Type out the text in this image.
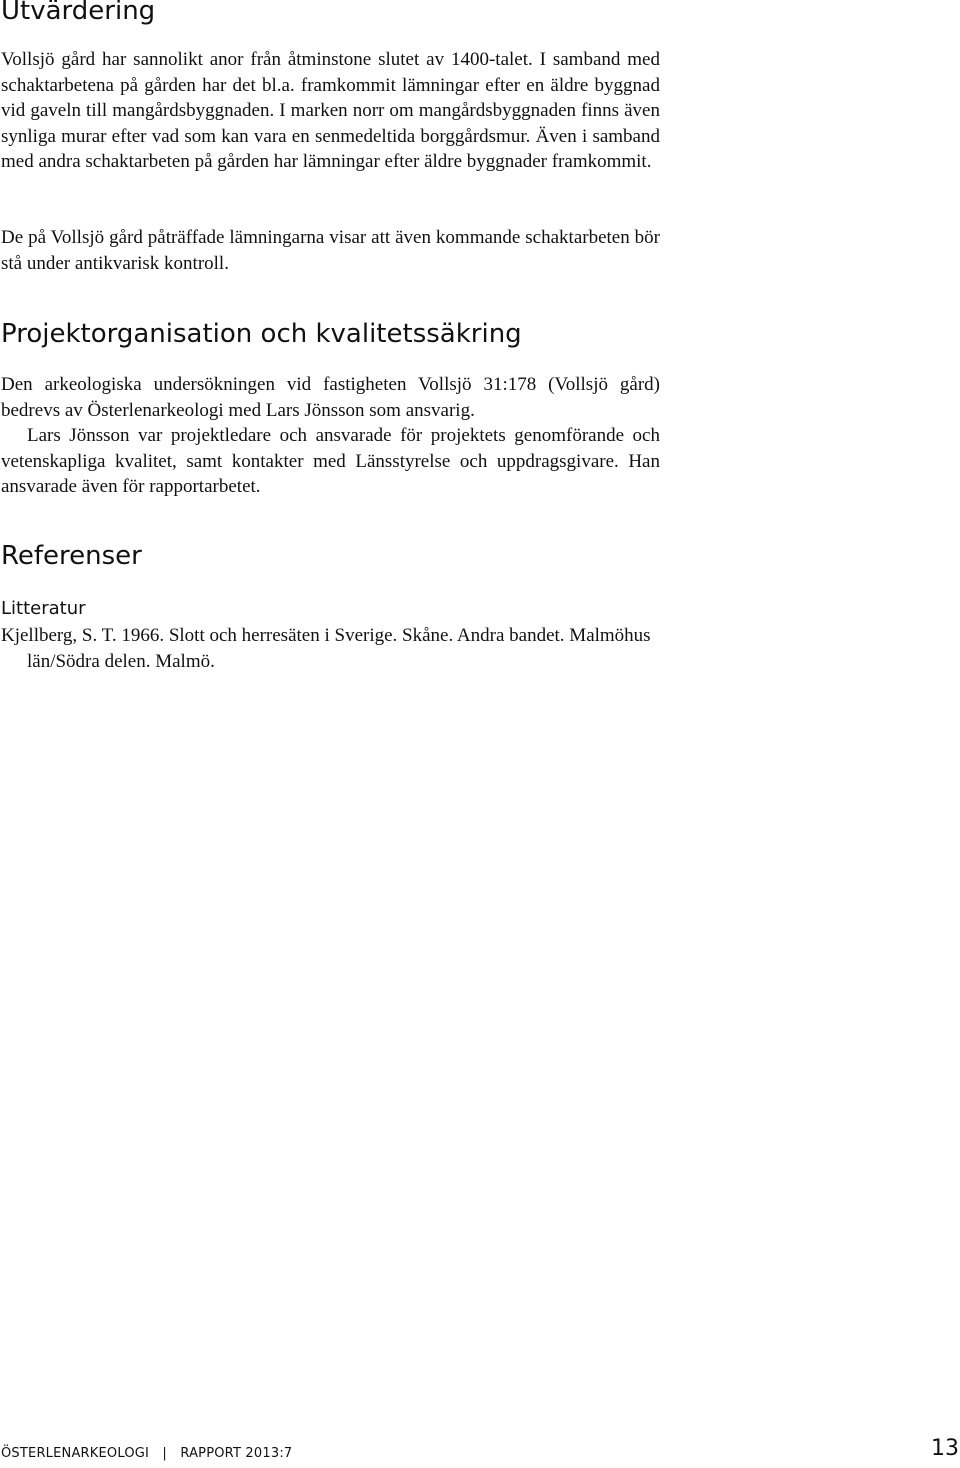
Utvärdering

Vollsjö gård har sannolikt anor från åtminstone slutet av 1400-talet. I samband med schaktarbetena på gården har det bl.a. framkommit lämningar efter en äldre byggnad vid gaveln till mangårdsbyggnaden. I marken norr om mangårdsbyggnaden finns även synliga murar efter vad som kan vara en senmedeltida borggårdsmur. Även i samband med andra schaktarbeten på gården har lämningar efter äldre byggnader framkommit.

De på Vollsjö gård påträffade lämningarna visar att även kommande schaktarbeten bör stå under antikvarisk kontroll.

Projektorganisation och kvalitetssäkring

Den arkeologiska undersökningen vid fastigheten Vollsjö 31:178 (Vollsjö gård) bedrevs av Österlenarkeologi med Lars Jönsson som ansvarig.

Lars Jönsson var projektledare och ansvarade för projektets genomförande och vetenskapliga kvalitet, samt kontakter med Länsstyrelse och uppdragsgivare. Han ansvarade även för rapportarbetet.

Referenser
Litteratur

Kjellberg, S. T. 1966. Slott och herresäten i Sverige. Skåne. Andra bandet. Malmöhus län/Södra delen. Malmö.

ÖSTERLENARKEOLOGI | RAPPORT 2013:7	13
